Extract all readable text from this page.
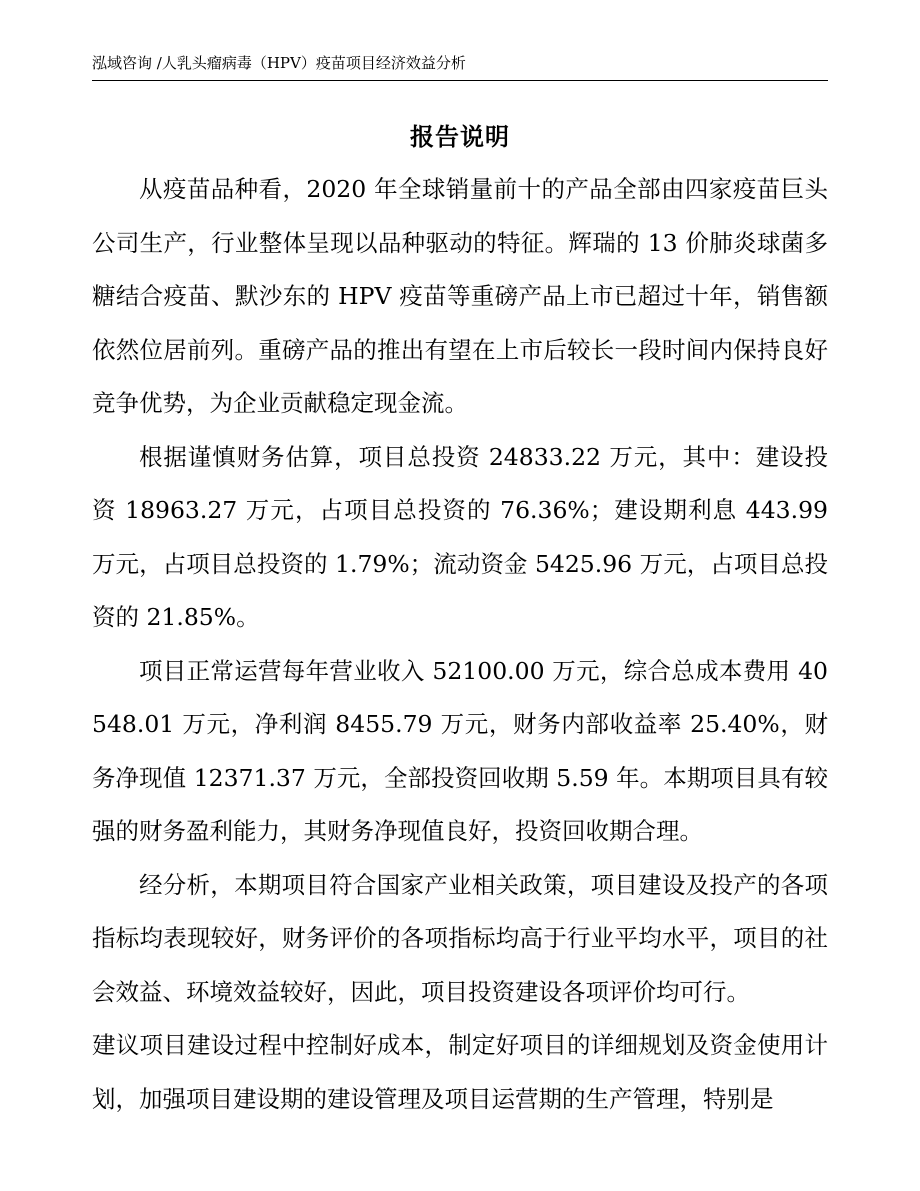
泓域咨询 /人乳头瘤病毒（HPV）疫苗项目经济效益分析
报告说明

从疫苗品种看，2020 年全球销量前十的产品全部由四家疫苗巨头公司生产，行业整体呈现以品种驱动的特征。辉瑞的 13 价肺炎球菌多糖结合疫苗、默沙东的 HPV 疫苗等重磅产品上市已超过十年，销售额依然位居前列。重磅产品的推出有望在上市后较长一段时间内保持良好竞争优势，为企业贡献稳定现金流。

根据谨慎财务估算，项目总投资 24833.22 万元，其中：建设投资 18963.27 万元，占项目总投资的 76.36%；建设期利息 443.99 万元，占项目总投资的 1.79%；流动资金 5425.96 万元，占项目总投资的 21.85%。

项目正常运营每年营业收入 52100.00 万元，综合总成本费用 40548.01 万元，净利润 8455.79 万元，财务内部收益率 25.40%，财务净现值 12371.37 万元，全部投资回收期 5.59 年。本期项目具有较强的财务盈利能力，其财务净现值良好，投资回收期合理。

经分析，本期项目符合国家产业相关政策，项目建设及投产的各项指标均表现较好，财务评价的各项指标均高于行业平均水平，项目的社会效益、环境效益较好，因此，项目投资建设各项评价均可行。

建议项目建设过程中控制好成本，制定好项目的详细规划及资金使用计划，加强项目建设期的建设管理及项目运营期的生产管理，特别是
